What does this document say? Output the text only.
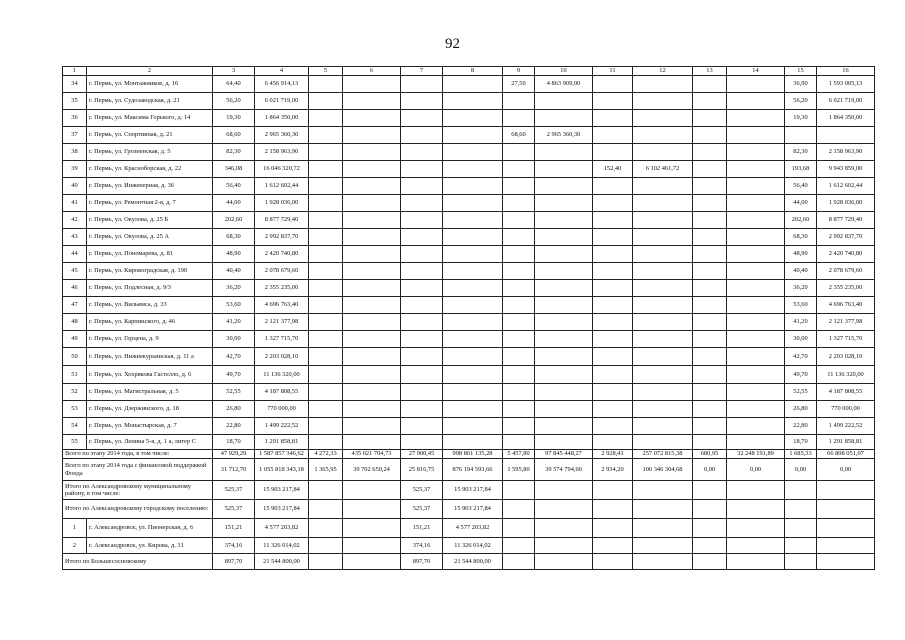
92
1	2	3	4	5	6	7	8	9	10	11	12	13	14	15	16
34	г. Пермь, ул. Монтажников, д. 16	64,40	6 456 914,13					27,50	4 863 909,00					36,90	1 593 005,13
35	г. Пермь, ул. Судозаводская, д. 21	56,20	6 021 719,00											56,20	6 021 719,00
36	г. Пермь, ул. Максима Горького, д. 14	19,30	1 864 350,00											19,30	1 864 350,00
37	г. Пермь, ул. Спортивная, д. 21	68,60	2 965 360,30					68,60	2 965 360,30						
38	г. Пермь, ул. Грозненская, д. 5	82,30	2 158 963,90											82,30	2 158 963,90
39	г. Пермь, ул. Красноборская, д. 22	346,08	16 046 320,72							152,40	6 102 461,72			193,68	9 943 859,00
40	г. Пермь, ул. Инженерная, д. 36	56,40	1 612 602,44											56,40	1 612 602,44
41	г. Пермь, ул. Ремонтная 2-я, д. 7	44,00	1 928 036,00											44,00	1 928 036,00
42	г. Пермь, ул. Окулова, д. 25 Б	202,60	8 877 729,40											202,60	8 877 729,40
43	г. Пермь, ул. Окулова, д. 25 А	68,30	2 992 837,70											68,30	2 992 837,70
44	г. Пермь, ул. Пономарева, д. 81	48,90	2 420 740,80											48,90	2 420 740,80
45	г. Пермь, ул. Кировоградская, д. 190	40,40	2 078 679,60											40,40	2 078 679,60
46	г. Пермь, ул. Подлесная, д. 9/3	36,20	2 355 235,00											36,20	2 355 235,00
47	г. Пермь, ул. Вильямса, д. 33	53,60	4 696 763,40											53,60	4 696 763,40
48	г. Пермь, ул. Карпинского, д. 46	41,20	2 121 377,98											41,20	2 121 377,98
49	г. Пермь, ул. Герцена, д. 9	30,00	1 327 715,70											30,00	1 327 715,70
50	г. Пермь, ул. Нижнекурьинская, д. 11 а	42,70	2 203 028,10											42,70	2 203 028,10
51	г. Пермь, ул. Хохрякова Гастелло, д. 6	49,70	11 136 320,00											49,70	11 136 320,00
52	г. Пермь, ул. Магистральная, д. 5	52,55	4 187 808,55											52,55	4 187 808,55
53	г. Пермь, ул. Дзержинского, д. 18	26,80	770 000,00											26,80	770 000,00
54	г. Пермь, ул. Монастырская, д. 7	22,80	1 499 222,52											22,80	1 499 222,52
55	г. Пермь, ул. Ленина 5-я, д. 1 а, литер С	18,70	1 291 858,81											18,70	1 291 858,81
Всего по этапу 2014 года, в том числе:		47 929,29	1 587 857 346,62	4 272,33	435 021 704,73	27 900,45	998 861 135,28	5 457,80	97 845 448,27	2 928,41	257 072 815,38	680,95	32 248 191,89	1 685,33	66 808 051,07
Всего по этапу 2014 года с финансовой поддержкой Фонда		31 712,70	1 055 818 343,18	1 365,95	39 702 650,24	25 816,75	876 194 593,66	1 595,80	39 574 794,60	2 934,20	100 346 304,68	0,00	0,00	0,00	0,00
Итого по Александровскому муниципальному району, в том числе:		525,37	15 903 217,84			525,37	15 903 217,84								
Итого по Александровскому городскому поселению:		525,37	15 903 217,84			525,37	15 903 217,84								
1	г. Александровск, ул. Пионерская, д. 6	151,21	4 577 203,82			151,21	4 577 203,82								
2	г. Александровск, ул. Кирова, д. 31	374,16	11 326 014,02			374,16	11 326 014,02								
Итого по Большесосновскому		897,70	21 544 800,00			897,70	21 544 800,00								
